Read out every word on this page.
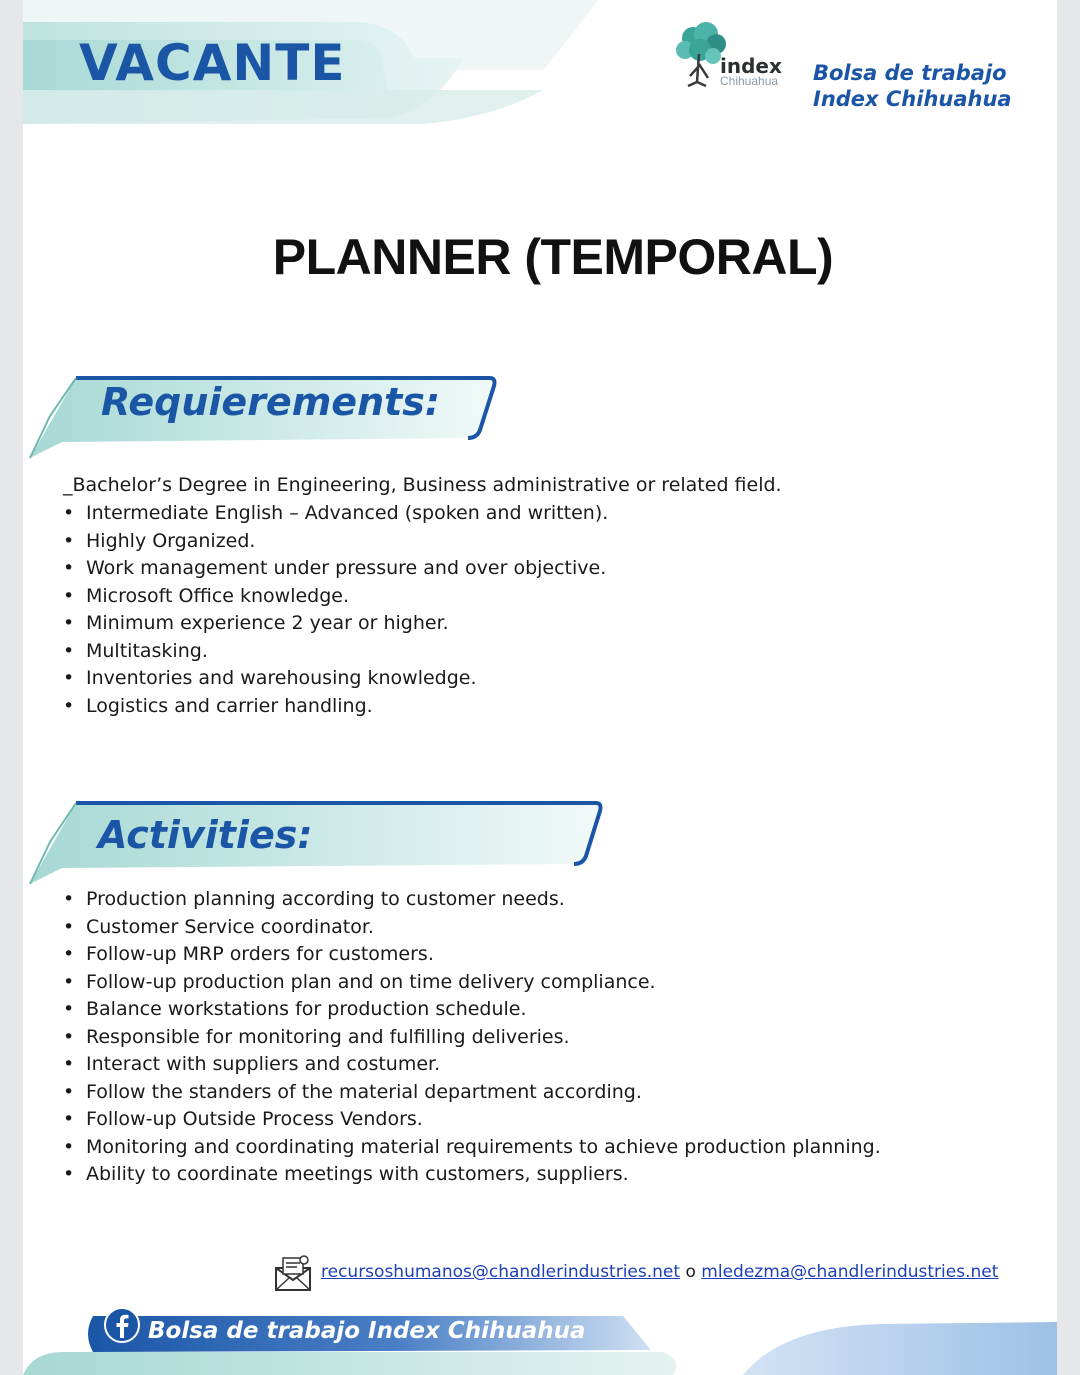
VACANTE	index
Chihuahua Bolsa de trabajo
Index Chihuahua
PLANNER (TEMPORAL)
Requierements:
_Bachelor’s Degree in Engineering, Business administrative or related field.
• Intermediate English – Advanced (spoken and written).
• Highly Organized.
• Work management under pressure and over objective.
• Microsoft Office knowledge.
• Minimum experience 2 year or higher.
• Multitasking.
• Inventories and warehousing knowledge.
• Logistics and carrier handling.
Activities:
• Production planning according to customer needs.
• Customer Service coordinator.
• Follow-up MRP orders for customers.
• Follow-up production plan and on time delivery compliance.
• Balance workstations for production schedule.
• Responsible for monitoring and fulfilling deliveries.
• Interact with suppliers and costumer.
• Follow the standers of the material department according.
• Follow-up Outside Process Vendors.
• Monitoring and coordinating material requirements to achieve production planning.
• Ability to coordinate meetings with customers, suppliers.
recursoshumanos@chandlerindustries.net o mledezma@chandlerindustries.net
Bolsa de trabajo Index Chihuahua
